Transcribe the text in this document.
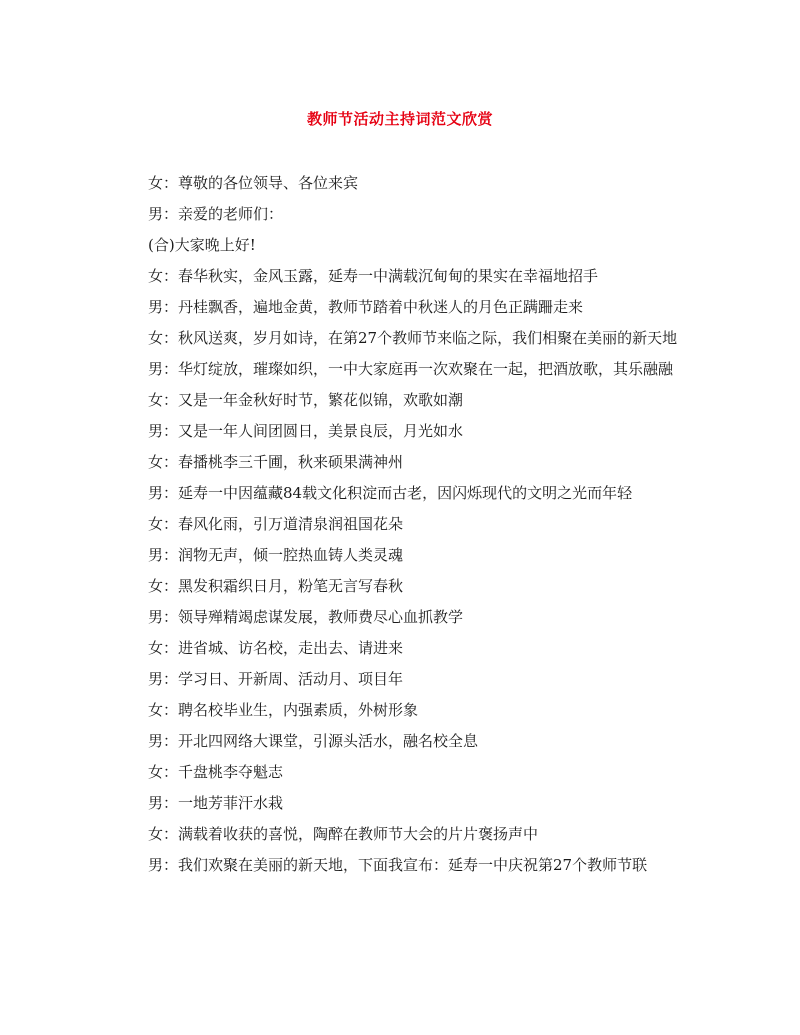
教师节活动主持词范文欣赏

女：尊敬的各位领导、各位来宾

男：亲爱的老师们：

(合)大家晚上好!

女：春华秋实，金风玉露，延寿一中满载沉甸甸的果实在幸福地招手

男：丹桂飘香，遍地金黄，教师节踏着中秋迷人的月色正蹒跚走来

女：秋风送爽，岁月如诗，在第27个教师节来临之际，我们相聚在美丽的新天地

男：华灯绽放，璀璨如织，一中大家庭再一次欢聚在一起，把酒放歌，其乐融融

女：又是一年金秋好时节，繁花似锦，欢歌如潮

男：又是一年人间团圆日，美景良辰，月光如水

女：春播桃李三千圃，秋来硕果满神州

男：延寿一中因蕴藏84载文化积淀而古老，因闪烁现代的文明之光而年轻

女：春风化雨，引万道清泉润祖国花朵

男：润物无声，倾一腔热血铸人类灵魂

女：黑发积霜织日月，粉笔无言写春秋

男：领导殚精竭虑谋发展，教师费尽心血抓教学

女：进省城、访名校，走出去、请进来

男：学习日、开新周、活动月、项目年

女：聘名校毕业生，内强素质，外树形象

男：开北四网络大课堂，引源头活水，融名校全息

女：千盘桃李夺魁志

男：一地芳菲汗水栽

女：满载着收获的喜悦，陶醉在教师节大会的片片褒扬声中

男：我们欢聚在美丽的新天地，下面我宣布：延寿一中庆祝第27个教师节联
